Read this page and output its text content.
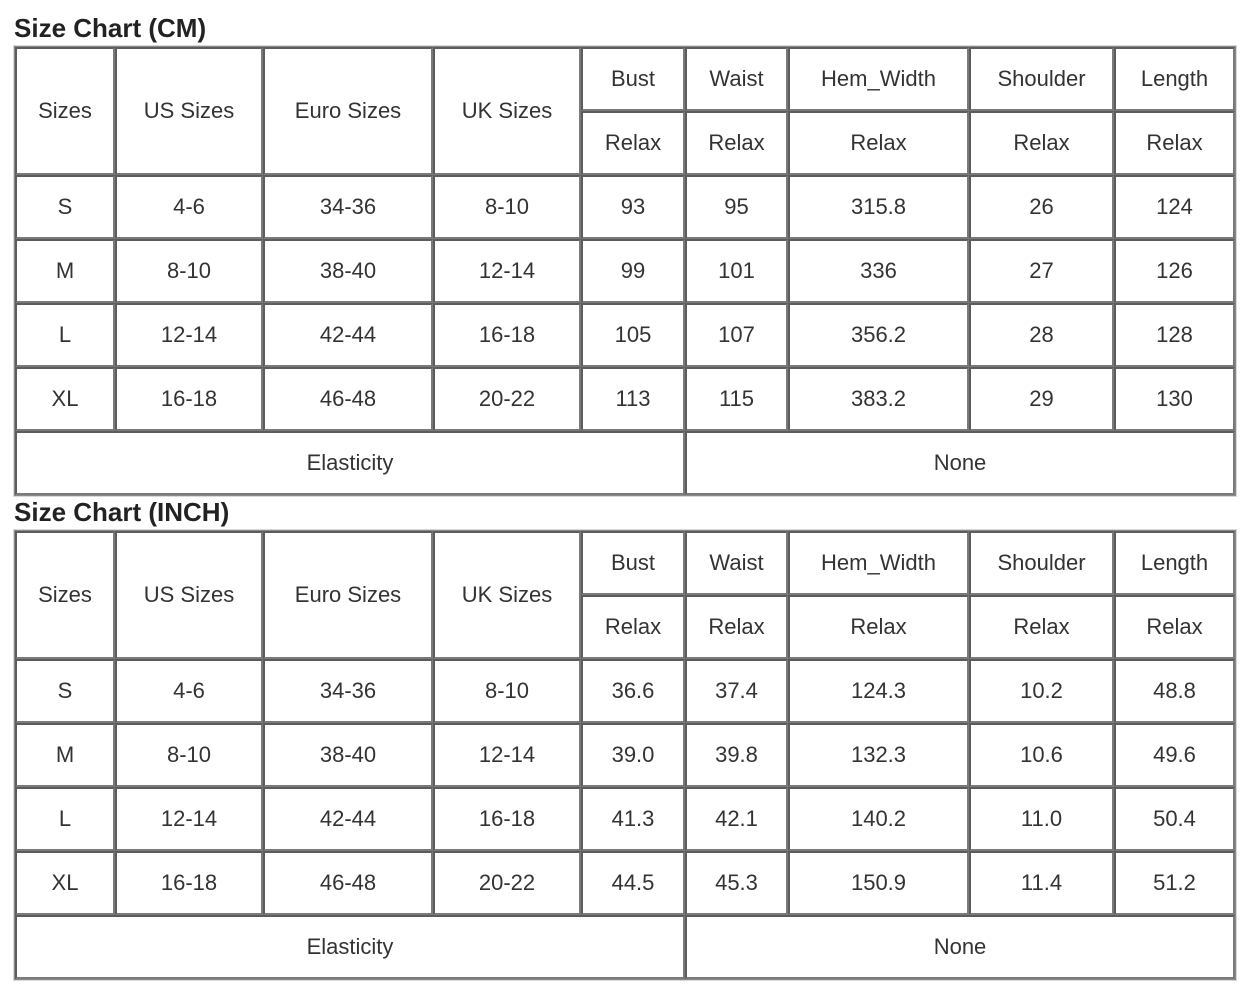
Size Chart (CM)
Sizes	US Sizes	Euro Sizes	UK Sizes	Bust	Waist	Hem_Width	Shoulder	Length
				Relax	Relax	Relax	Relax	Relax
S	4-6	34-36	8-10	93	95	315.8	26	124
M	8-10	38-40	12-14	99	101	336	27	126
L	12-14	42-44	16-18	105	107	356.2	28	128
XL	16-18	46-48	20-22	113	115	383.2	29	130
Elasticity					None			
Size Chart (INCH)
Sizes	US Sizes	Euro Sizes	UK Sizes	Bust	Waist	Hem_Width	Shoulder	Length
				Relax	Relax	Relax	Relax	Relax
S	4-6	34-36	8-10	36.6	37.4	124.3	10.2	48.8
M	8-10	38-40	12-14	39.0	39.8	132.3	10.6	49.6
L	12-14	42-44	16-18	41.3	42.1	140.2	11.0	50.4
XL	16-18	46-48	20-22	44.5	45.3	150.9	11.4	51.2
Elasticity					None			
